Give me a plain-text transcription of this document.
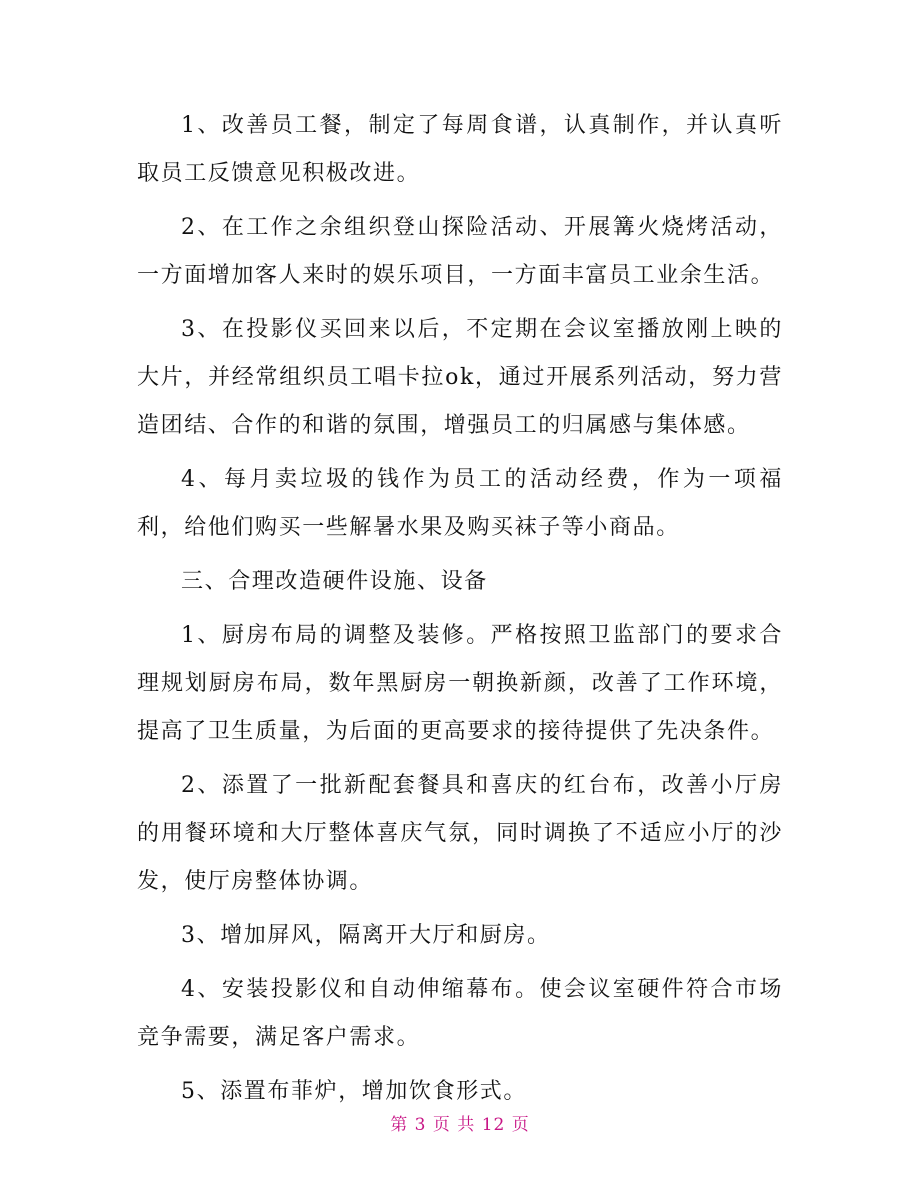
1、改善员工餐，制定了每周食谱，认真制作，并认真听取员工反馈意见积极改进。

2、在工作之余组织登山探险活动、开展篝火烧烤活动，一方面增加客人来时的娱乐项目，一方面丰富员工业余生活。

3、在投影仪买回来以后，不定期在会议室播放刚上映的大片，并经常组织员工唱卡拉ok，通过开展系列活动，努力营造团结、合作的和谐的氛围，增强员工的归属感与集体感。

4、每月卖垃圾的钱作为员工的活动经费，作为一项福利，给他们购买一些解暑水果及购买袜子等小商品。

三、合理改造硬件设施、设备

1、厨房布局的调整及装修。严格按照卫监部门的要求合理规划厨房布局，数年黑厨房一朝换新颜，改善了工作环境，提高了卫生质量，为后面的更高要求的接待提供了先决条件。

2、添置了一批新配套餐具和喜庆的红台布，改善小厅房的用餐环境和大厅整体喜庆气氛，同时调换了不适应小厅的沙发，使厅房整体协调。

3、增加屏风，隔离开大厅和厨房。

4、安装投影仪和自动伸缩幕布。使会议室硬件符合市场竞争需要，满足客户需求。

5、添置布菲炉，增加饮食形式。

第 3 页 共 12 页
